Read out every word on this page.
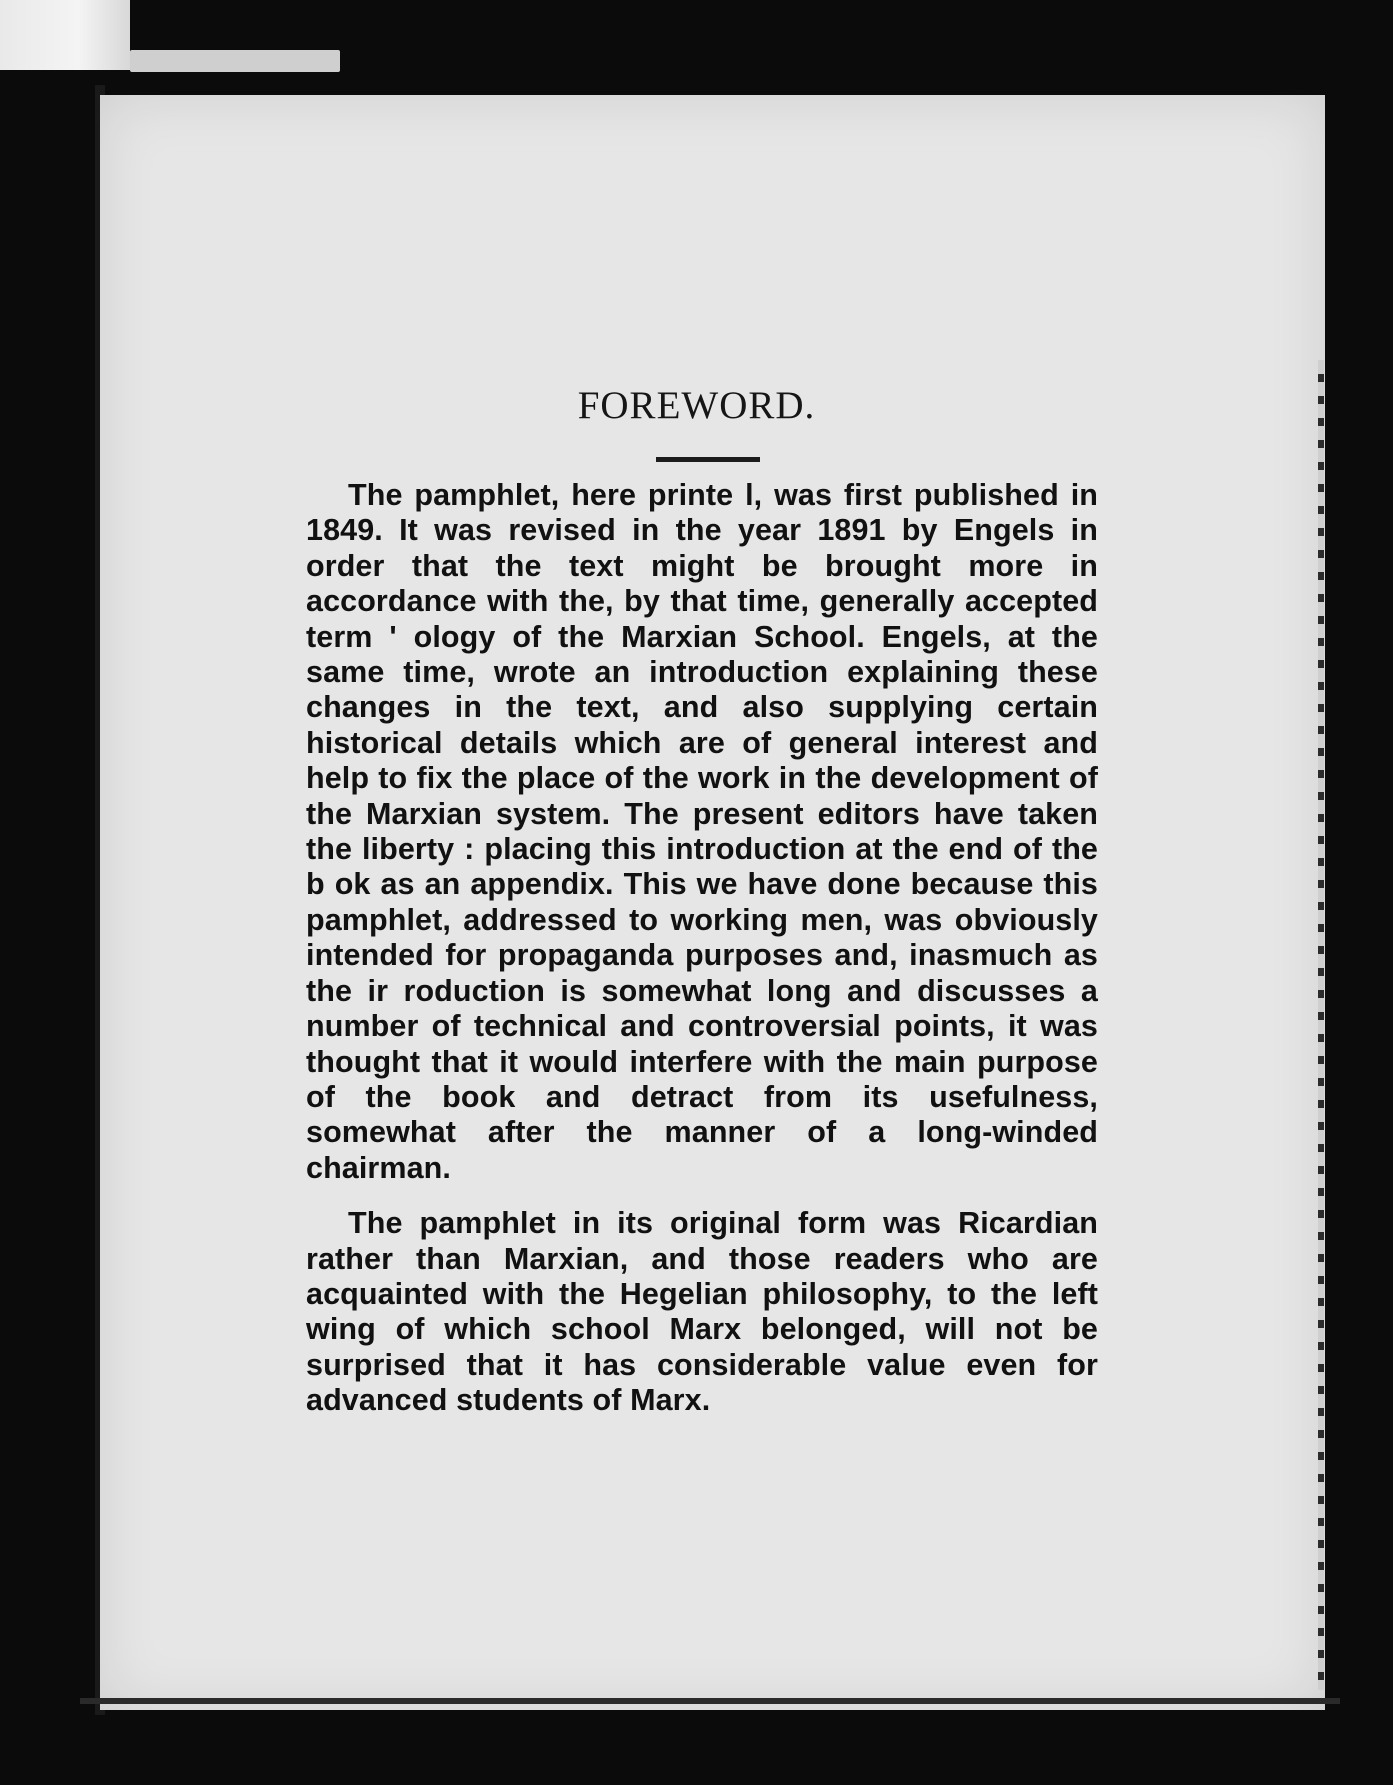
FOREWORD.

The pamphlet, here printe l, was first published in 1849. It was revised in the year 1891 by Engels in order that the text might be brought more in accordance with the, by that time, generally accepted term ' ology of the Marxian School. Engels, at the same time, wrote an introduction explaining these changes in the text, and also supplying certain historical details which are of general interest and help to fix the place of the work in the development of the Marxian system. The present editors have taken the liberty : placing this introduction at the end of the b ok as an appendix. This we have done because this pamphlet, addressed to working men, was obviously intended for propaganda purposes and, inasmuch as the ir roduction is somewhat long and discusses a number of technical and controversial points, it was thought that it would interfere with the main purpose of the book and detract from its usefulness, somewhat after the manner of a long-winded chairman.

The pamphlet in its original form was Ricardian rather than Marxian, and those readers who are acquainted with the Hegelian philosophy, to the left wing of which school Marx belonged, will not be surprised that it has considerable value even for advanced students of Marx.
